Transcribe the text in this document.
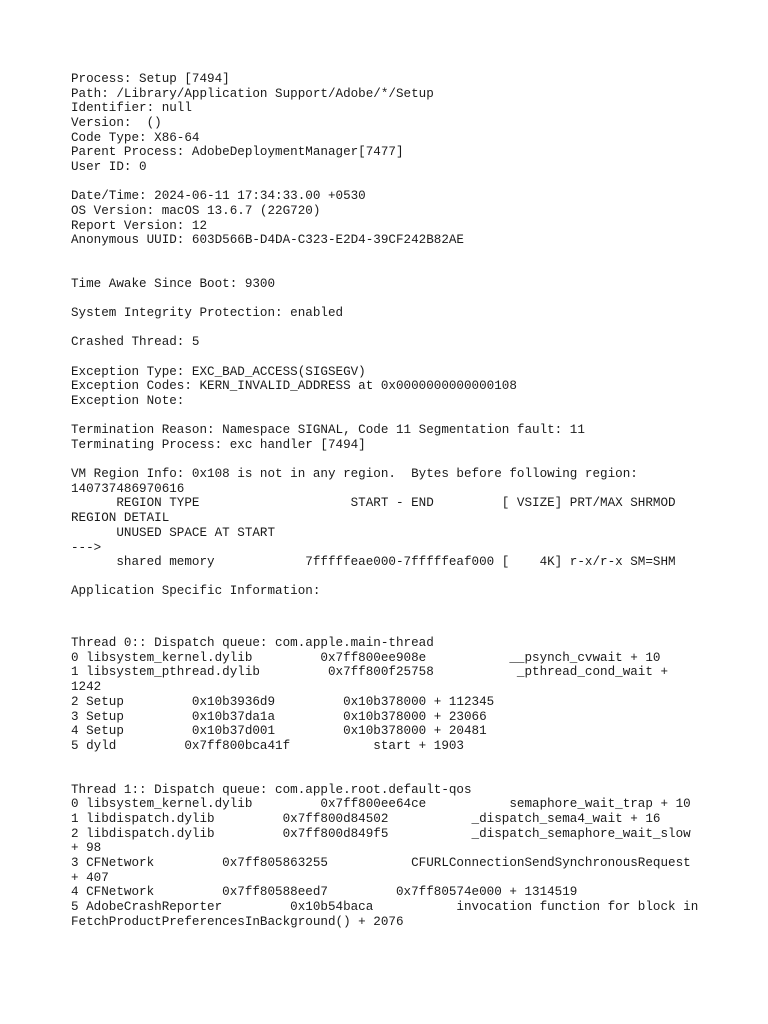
Process: Setup [7494]
Path: /Library/Application Support/Adobe/*/Setup
Identifier: null
Version:  ()
Code Type: X86-64
Parent Process: AdobeDeploymentManager[7477]
User ID: 0
Date/Time: 2024-06-11 17:34:33.00 +0530
OS Version: macOS 13.6.7 (22G720)
Report Version: 12
Anonymous UUID: 603D566B-D4DA-C323-E2D4-39CF242B82AE
Time Awake Since Boot: 9300
System Integrity Protection: enabled
Crashed Thread: 5
Exception Type: EXC_BAD_ACCESS(SIGSEGV)
Exception Codes: KERN_INVALID_ADDRESS at 0x0000000000000108
Exception Note:
Termination Reason: Namespace SIGNAL, Code 11 Segmentation fault: 11
Terminating Process: exc handler [7494]
VM Region Info: 0x108 is not in any region.  Bytes before following region:
140737486970616
REGION TYPE                    START - END         [ VSIZE] PRT/MAX SHRMOD
REGION DETAIL
UNUSED SPACE AT START
--->
shared memory            7fffffeae000-7fffffeaf000 [    4K] r-x/r-x SM=SHM
Application Specific Information:
Thread 0:: Dispatch queue: com.apple.main-thread
0 libsystem_kernel.dylib         0x7ff800ee908e           __psynch_cvwait + 10
1 libsystem_pthread.dylib         0x7ff800f25758           _pthread_cond_wait +
1242
2 Setup         0x10b3936d9         0x10b378000 + 112345
3 Setup         0x10b37da1a         0x10b378000 + 23066
4 Setup         0x10b37d001         0x10b378000 + 20481
5 dyld         0x7ff800bca41f           start + 1903
Thread 1:: Dispatch queue: com.apple.root.default-qos
0 libsystem_kernel.dylib         0x7ff800ee64ce           semaphore_wait_trap + 10
1 libdispatch.dylib         0x7ff800d84502           _dispatch_sema4_wait + 16
2 libdispatch.dylib         0x7ff800d849f5           _dispatch_semaphore_wait_slow
+ 98
3 CFNetwork         0x7ff805863255           CFURLConnectionSendSynchronousRequest
+ 407
4 CFNetwork         0x7ff80588eed7         0x7ff80574e000 + 1314519
5 AdobeCrashReporter         0x10b54baca           invocation function for block in
FetchProductPreferencesInBackground() + 2076
